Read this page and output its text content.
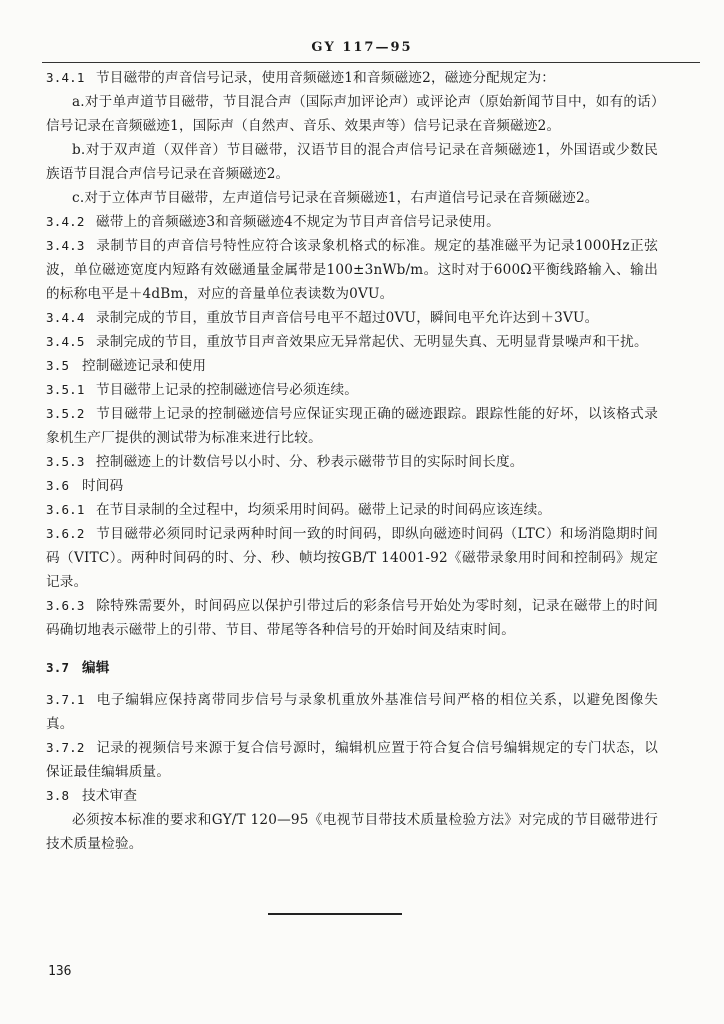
GY 117—95

3.4.1 节目磁带的声音信号记录，使用音频磁迹1和音频磁迹2，磁迹分配规定为：

a.对于单声道节目磁带，节目混合声（国际声加评论声）或评论声（原始新闻节目中，如有的话）信号记录在音频磁迹1，国际声（自然声、音乐、效果声等）信号记录在音频磁迹2。

b.对于双声道（双伴音）节目磁带，汉语节目的混合声信号记录在音频磁迹1，外国语或少数民族语节目混合声信号记录在音频磁迹2。

c.对于立体声节目磁带，左声道信号记录在音频磁迹1，右声道信号记录在音频磁迹2。

3.4.2 磁带上的音频磁迹3和音频磁迹4不规定为节目声音信号记录使用。

3.4.3 录制节目的声音信号特性应符合该录象机格式的标准。规定的基准磁平为记录1000Hz正弦波，单位磁迹宽度内短路有效磁通量金属带是100±3nWb/m。这时对于600Ω平衡线路输入、输出的标称电平是＋4dBm，对应的音量单位表读数为0VU。

3.4.4 录制完成的节目，重放节目声音信号电平不超过0VU，瞬间电平允许达到＋3VU。

3.4.5 录制完成的节目，重放节目声音效果应无异常起伏、无明显失真、无明显背景噪声和干扰。

3.5 控制磁迹记录和使用

3.5.1 节目磁带上记录的控制磁迹信号必须连续。

3.5.2 节目磁带上记录的控制磁迹信号应保证实现正确的磁迹跟踪。跟踪性能的好坏，以该格式录象机生产厂提供的测试带为标准来进行比较。

3.5.3 控制磁迹上的计数信号以小时、分、秒表示磁带节目的实际时间长度。

3.6 时间码

3.6.1 在节目录制的全过程中，均须采用时间码。磁带上记录的时间码应该连续。

3.6.2 节目磁带必须同时记录两种时间一致的时间码，即纵向磁迹时间码（LTC）和场消隐期时间码（VITC）。两种时间码的时、分、秒、帧均按GB/T 14001-92《磁带录象用时间和控制码》规定记录。

3.6.3 除特殊需要外，时间码应以保护引带过后的彩条信号开始处为零时刻，记录在磁带上的时间码确切地表示磁带上的引带、节目、带尾等各种信号的开始时间及结束时间。

3.7 编辑

3.7.1 电子编辑应保持离带同步信号与录象机重放外基准信号间严格的相位关系，以避免图像失真。

3.7.2 记录的视频信号来源于复合信号源时，编辑机应置于符合复合信号编辑规定的专门状态，以保证最佳编辑质量。

3.8 技术审查

必须按本标准的要求和GY/T 120—95《电视节目带技术质量检验方法》对完成的节目磁带进行技术质量检验。

136
